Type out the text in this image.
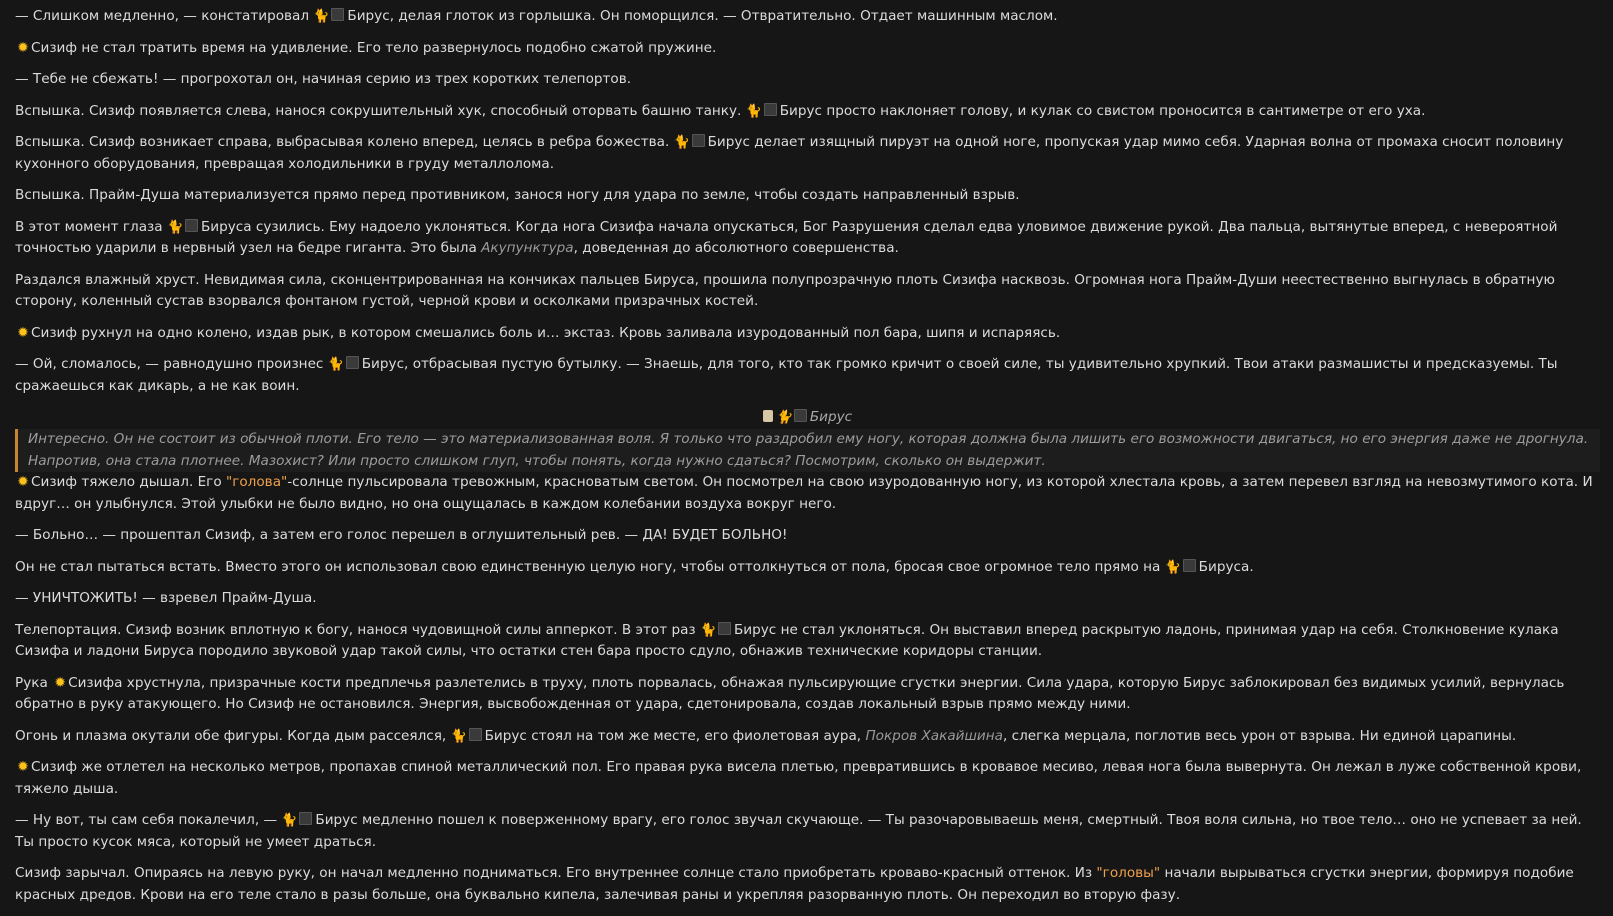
— Слишком медленно, — констатировал 🐈 Бирус, делая глоток из горлышка. Он поморщился. — Отвратительно. Отдает машинным маслом.
✹ Сизиф не стал тратить время на удивление. Его тело развернулось подобно сжатой пружине.
— Тебе не сбежать! — прогрохотал он, начиная серию из трех коротких телепортов.
Вспышка. Сизиф появляется слева, нанося сокрушительный хук, способный оторвать башню танку. 🐈 Бирус просто наклоняет голову, и кулак со свистом проносится в сантиметре от его уха.
Вспышка. Сизиф возникает справа, выбрасывая колено вперед, целясь в ребра божества. 🐈 Бирус делает изящный пируэт на одной ноге, пропуская удар мимо себя. Ударная волна от промаха сносит половину кухонного оборудования, превращая холодильники в груду металлолома.
Вспышка. Прайм-Душа материализуется прямо перед противником, занося ногу для удара по земле, чтобы создать направленный взрыв.
В этот момент глаза 🐈 Бируса сузились. Ему надоело уклоняться. Когда нога Сизифа начала опускаться, Бог Разрушения сделал едва уловимое движение рукой. Два пальца, вытянутые вперед, с невероятной точностью ударили в нервный узел на бедре гиганта. Это была Акупунктура, доведенная до абсолютного совершенства.
Раздался влажный хруст. Невидимая сила, сконцентрированная на кончиках пальцев Бируса, прошила полупрозрачную плоть Сизифа насквозь. Огромная нога Прайм-Души неестественно выгнулась в обратную сторону, коленный сустав взорвался фонтаном густой, черной крови и осколками призрачных костей.
✹ Сизиф рухнул на одно колено, издав рык, в котором смешались боль и… экстаз. Кровь заливала изуродованный пол бара, шипя и испаряясь.
— Ой, сломалось, — равнодушно произнес 🐈 Бирус, отбрасывая пустую бутылку. — Знаешь, для того, кто так громко кричит о своей силе, ты удивительно хрупкий. Твои атаки размашисты и предсказуемы. Ты сражаешься как дикарь, а не как воин.
🐈 Бирус
Интересно. Он не состоит из обычной плоти. Его тело — это материализованная воля. Я только что раздробил ему ногу, которая должна была лишить его возможности двигаться, но его энергия даже не дрогнула. Напротив, она стала плотнее. Мазохист? Или просто слишком глуп, чтобы понять, когда нужно сдаться? Посмотрим, сколько он выдержит.
✹ Сизиф тяжело дышал. Его "голова"-солнце пульсировала тревожным, красноватым светом. Он посмотрел на свою изуродованную ногу, из которой хлестала кровь, а затем перевел взгляд на невозмутимого кота. И вдруг… он улыбнулся. Этой улыбки не было видно, но она ощущалась в каждом колебании воздуха вокруг него.
— Больно… — прошептал Сизиф, а затем его голос перешел в оглушительный рев. — ДА! БУДЕТ БОЛЬНО!
Он не стал пытаться встать. Вместо этого он использовал свою единственную целую ногу, чтобы оттолкнуться от пола, бросая свое огромное тело прямо на 🐈 Бируса.
— УНИЧТОЖИТЬ! — взревел Прайм-Душа.
Телепортация. Сизиф возник вплотную к богу, нанося чудовищной силы апперкот. В этот раз 🐈 Бирус не стал уклоняться. Он выставил вперед раскрытую ладонь, принимая удар на себя. Столкновение кулака Сизифа и ладони Бируса породило звуковой удар такой силы, что остатки стен бара просто сдуло, обнажив технические коридоры станции.
Рука ✹ Сизифа хрустнула, призрачные кости предплечья разлетелись в труху, плоть порвалась, обнажая пульсирующие сгустки энергии. Сила удара, которую Бирус заблокировал без видимых усилий, вернулась обратно в руку атакующего. Но Сизиф не остановился. Энергия, высвобожденная от удара, сдетонировала, создав локальный взрыв прямо между ними.
Огонь и плазма окутали обе фигуры. Когда дым рассеялся, 🐈 Бирус стоял на том же месте, его фиолетовая аура, Покров Хакайшина, слегка мерцала, поглотив весь урон от взрыва. Ни единой царапины.
✹ Сизиф же отлетел на несколько метров, пропахав спиной металлический пол. Его правая рука висела плетью, превратившись в кровавое месиво, левая нога была вывернута. Он лежал в луже собственной крови, тяжело дыша.
— Ну вот, ты сам себя покалечил, — 🐈 Бирус медленно пошел к поверженному врагу, его голос звучал скучающе. — Ты разочаровываешь меня, смертный. Твоя воля сильна, но твое тело… оно не успевает за ней. Ты просто кусок мяса, который не умеет драться.
Сизиф зарычал. Опираясь на левую руку, он начал медленно подниматься. Его внутреннее солнце стало приобретать кроваво-красный оттенок. Из "головы" начали вырываться сгустки энергии, формируя подобие красных дредов. Крови на его теле стало в разы больше, она буквально кипела, залечивая раны и укрепляя разорванную плоть. Он переходил во вторую фазу.
